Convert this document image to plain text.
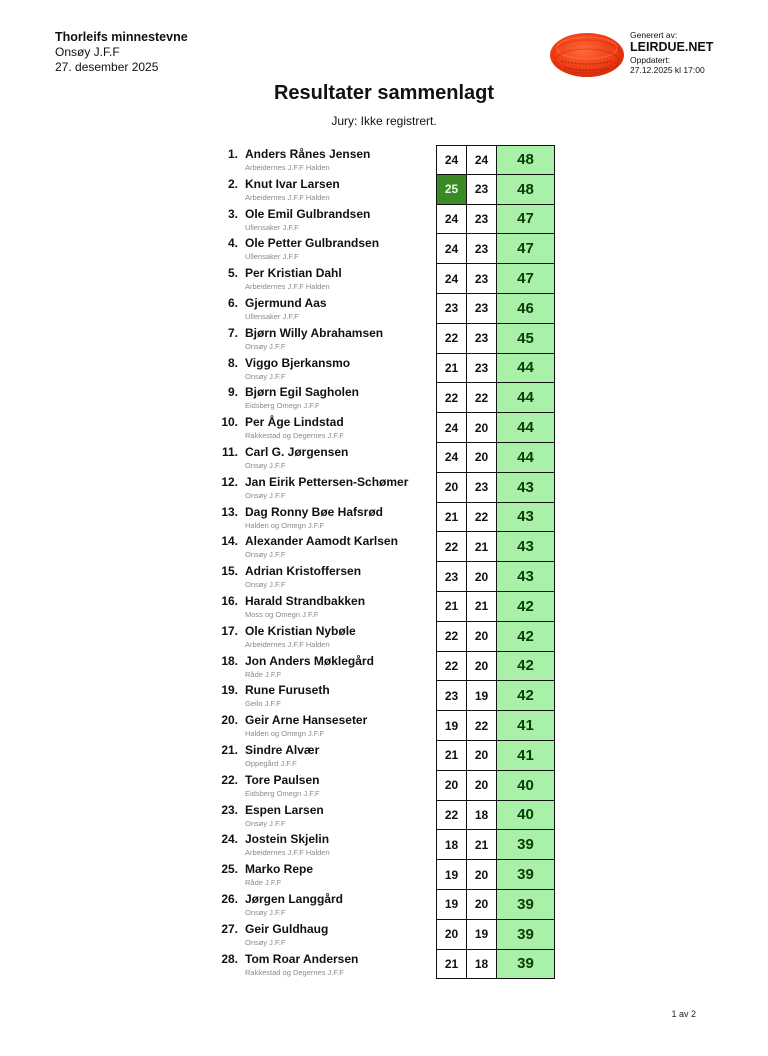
Thorleifs minnestevne
Onsøy J.F.F
27. desember 2025
Generert av:
LEIRDUE.NET
Oppdatert:
27.12.2025 kl 17:00
Resultater sammenlagt
Jury: Ikke registrert.
1. Anders Rånes Jensen
Arbeidernes J.F.F Halden
24	24	48
2. Knut Ivar Larsen
Arbeidernes J.F.F Halden
25	23	48
3. Ole Emil Gulbrandsen
Ullensaker J.F.F
24	23	47
4. Ole Petter Gulbrandsen
Ullensaker J.F.F
24	23	47
5. Per Kristian Dahl
Arbeidernes J.F.F Halden
24	23	47
6. Gjermund Aas
Ullensaker J.F.F
23	23	46
7. Bjørn Willy Abrahamsen
Onsøy J.F.F
22	23	45
8. Viggo Bjerkansmo
Onsøy J.F.F
21	23	44
9. Bjørn Egil Sagholen
Eidsberg Omegn J.F.F
22	22	44
10. Per Åge Lindstad
Rakkestad og Degernes J.F.F
24	20	44
11. Carl G. Jørgensen
Onsøy J.F.F
24	20	44
12. Jan Eirik Pettersen-Schømer
Onsøy J.F.F
20	23	43
13. Dag Ronny Bøe Hafsrød
Halden og Omegn J.F.F
21	22	43
14. Alexander Aamodt Karlsen
Onsøy J.F.F
22	21	43
15. Adrian Kristoffersen
Onsøy J.F.F
23	20	43
16. Harald Strandbakken
Moss og Omegn J.F.F
21	21	42
17. Ole Kristian Nybøle
Arbeidernes J.F.F Halden
22	20	42
18. Jon Anders Møklegård
Råde J.F.F
22	20	42
19. Rune Furuseth
Geilo J.F.F
23	19	42
20. Geir Arne Hanseseter
Halden og Omegn J.F.F
19	22	41
21. Sindre Alvær
Oppegård J.F.F
21	20	41
22. Tore Paulsen
Eidsberg Omegn J.F.F
20	20	40
23. Espen Larsen
Onsøy J.F.F
22	18	40
24. Jostein Skjelin
Arbeidernes J.F.F Halden
18	21	39
25. Marko Repe
Råde J.F.F
19	20	39
26. Jørgen Langgård
Onsøy J.F.F
19	20	39
27. Geir Guldhaug
Onsøy J.F.F
20	19	39
28. Tom Roar Andersen
Rakkestad og Degernes J.F.F
21	18	39
1 av 2
